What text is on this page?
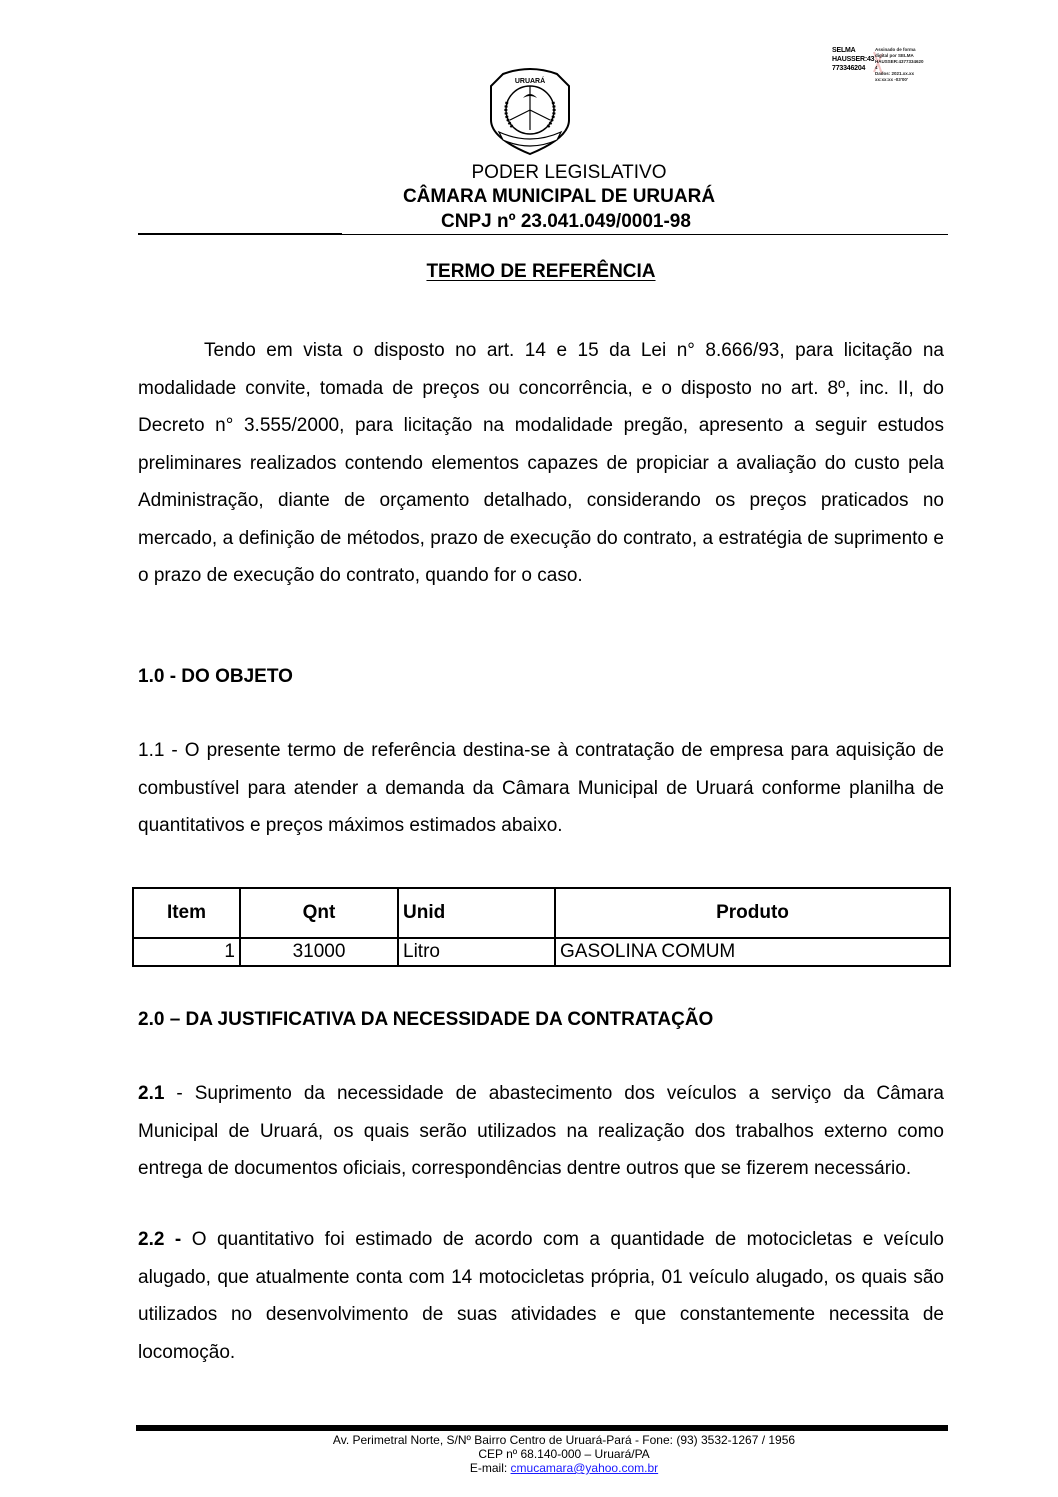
SELMA
HAUSSER:43
773346204
Assinado de forma
digital por SELMA
HAUSSER:4377334620
4
Dados: 2021.xx.xx
xx:xx:xx -03'00'
URUARÁ
PODER LEGISLATIVO
CÂMARA MUNICIPAL DE URUARÁ
CNPJ nº 23.041.049/0001-98
TERMO DE REFERÊNCIA
Tendo em vista o disposto no art. 14 e 15 da Lei n° 8.666/93, para licitação na modalidade convite, tomada de preços ou concorrência, e o disposto no art. 8º, inc. II, do Decreto n° 3.555/2000, para licitação na modalidade pregão, apresento a seguir estudos preliminares realizados contendo elementos capazes de propiciar a avaliação do custo pela Administração, diante de orçamento detalhado, considerando os preços praticados no mercado, a definição de métodos, prazo de execução do contrato, a estratégia de suprimento e o prazo de execução do contrato, quando for o caso.
1.0 - DO OBJETO
1.1 - O presente termo de referência destina-se à contratação de empresa para aquisição de combustível para atender a demanda da Câmara Municipal de Uruará conforme planilha de quantitativos e preços máximos estimados abaixo.
Item	Qnt	Unid	Produto
1	31000	Litro	GASOLINA COMUM
2.0 – DA JUSTIFICATIVA DA NECESSIDADE DA CONTRATAÇÃO
2.1 - Suprimento da necessidade de abastecimento dos veículos a serviço da Câmara Municipal de Uruará, os quais serão utilizados na realização dos trabalhos externo como entrega de documentos oficiais, correspondências dentre outros que se fizerem necessário.
2.2 - O quantitativo foi estimado de acordo com a quantidade de motocicletas e veículo alugado, que atualmente conta com 14 motocicletas própria, 01 veículo alugado, os quais são utilizados no desenvolvimento de suas atividades e que constantemente necessita de locomoção.
Av. Perimetral Norte, S/Nº Bairro Centro de Uruará-Pará - Fone: (93) 3532-1267 / 1956
CEP nº 68.140-000 – Uruará/PA
E-mail: cmucamara@yahoo.com.br
